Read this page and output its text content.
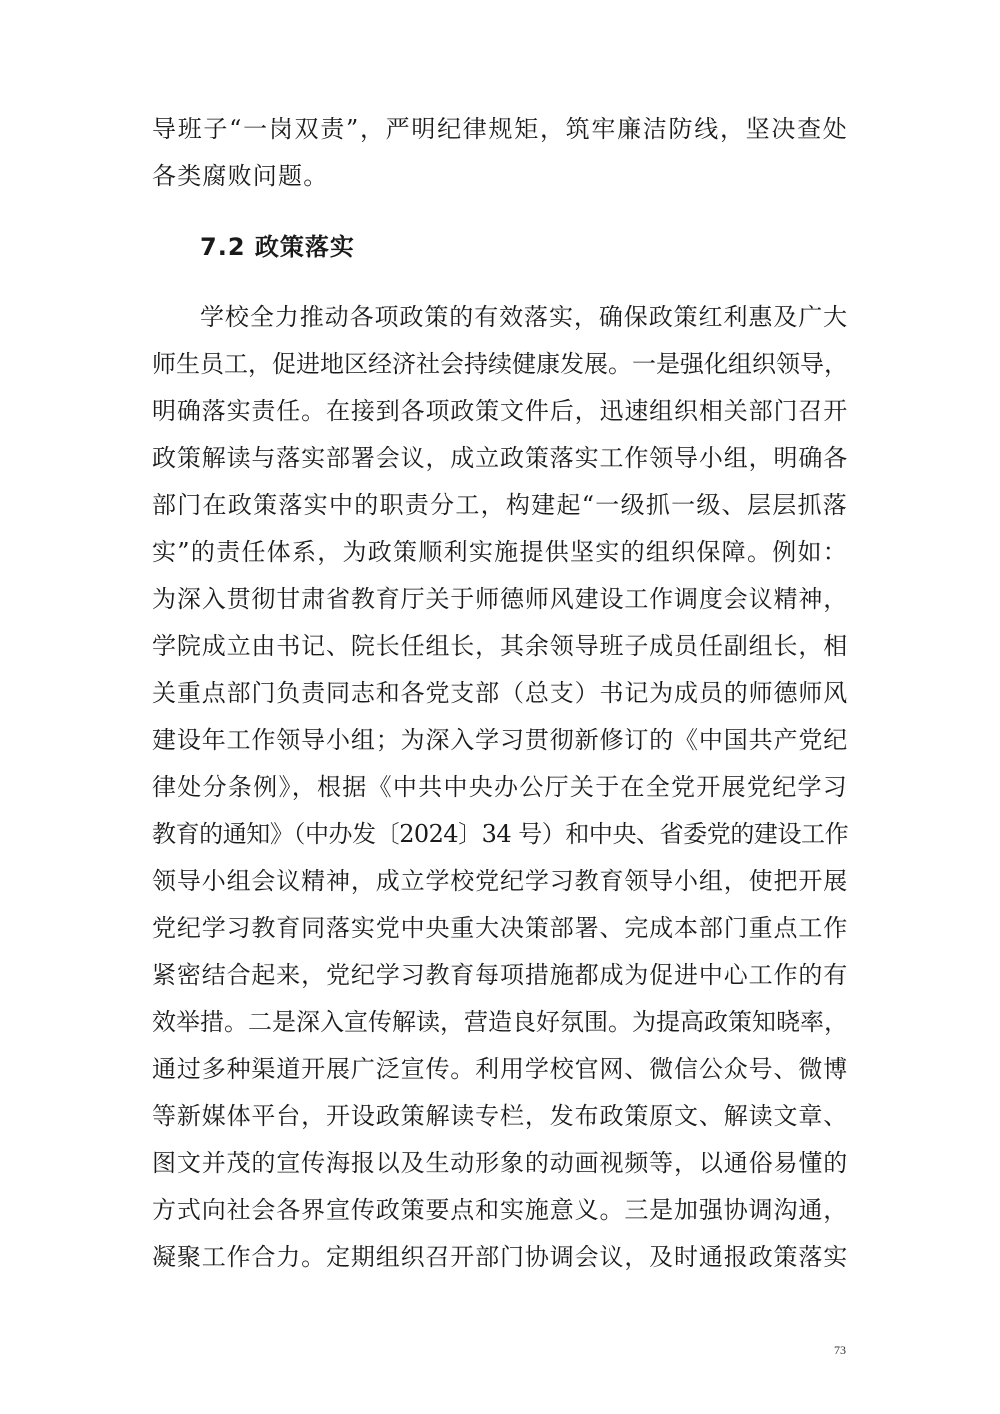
导班子“一岗双责”，严明纪律规矩，筑牢廉洁防线，坚决查处
各类腐败问题。
7.2 政策落实
学校全力推动各项政策的有效落实，确保政策红利惠及广大
师生员工，促进地区经济社会持续健康发展。一是强化组织领导，
明确落实责任。在接到各项政策文件后，迅速组织相关部门召开
政策解读与落实部署会议，成立政策落实工作领导小组，明确各
部门在政策落实中的职责分工，构建起“一级抓一级、层层抓落
实”的责任体系，为政策顺利实施提供坚实的组织保障。例如：
为深入贯彻甘肃省教育厅关于师德师风建设工作调度会议精神，
学院成立由书记、院长任组长，其余领导班子成员任副组长，相
关重点部门负责同志和各党支部（总支）书记为成员的师德师风
建设年工作领导小组；为深入学习贯彻新修订的《中国共产党纪
律处分条例》，根据《中共中央办公厅关于在全党开展党纪学习
教育的通知》（中办发〔2024〕34 号）和中央、省委党的建设工作
领导小组会议精神，成立学校党纪学习教育领导小组，使把开展
党纪学习教育同落实党中央重大决策部署、完成本部门重点工作
紧密结合起来，党纪学习教育每项措施都成为促进中心工作的有
效举措。二是深入宣传解读，营造良好氛围。为提高政策知晓率，
通过多种渠道开展广泛宣传。利用学校官网、微信公众号、微博
等新媒体平台，开设政策解读专栏，发布政策原文、解读文章、
图文并茂的宣传海报以及生动形象的动画视频等，以通俗易懂的
方式向社会各界宣传政策要点和实施意义。三是加强协调沟通，
凝聚工作合力。定期组织召开部门协调会议，及时通报政策落实
73
